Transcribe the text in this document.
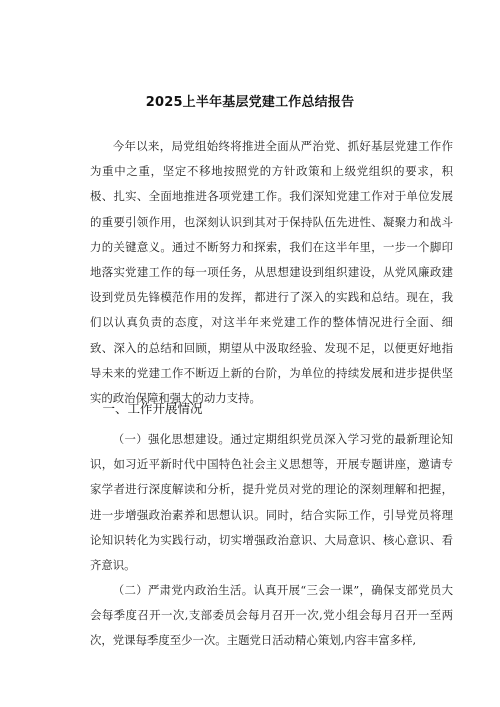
2025上半年基层党建工作总结报告
今年以来，局党组始终将推进全面从严治党、抓好基层党建工作作为重中之重，坚定不移地按照党的方针政策和上级党组织的要求，积极、扎实、全面地推进各项党建工作。我们深知党建工作对于单位发展的重要引领作用，也深刻认识到其对于保持队伍先进性、凝聚力和战斗力的关键意义。通过不断努力和探索，我们在这半年里，一步一个脚印地落实党建工作的每一项任务，从思想建设到组织建设，从党风廉政建设到党员先锋模范作用的发挥，都进行了深入的实践和总结。现在，我们以认真负责的态度，对这半年来党建工作的整体情况进行全面、细致、深入的总结和回顾，期望从中汲取经验、发现不足，以便更好地指导未来的党建工作不断迈上新的台阶，为单位的持续发展和进步提供坚实的政治保障和强大的动力支持。
一、工作开展情况
（一）强化思想建设。通过定期组织党员深入学习党的最新理论知识，如习近平新时代中国特色社会主义思想等，开展专题讲座，邀请专家学者进行深度解读和分析，提升党员对党的理论的深刻理解和把握，进一步增强政治素养和思想认识。同时，结合实际工作，引导党员将理论知识转化为实践行动，切实增强政治意识、大局意识、核心意识、看齐意识。
（二）严肃党内政治生活。认真开展“三会一课”，确保支部党员大会每季度召开一次,支部委员会每月召开一次,党小组会每月召开一至两次，党课每季度至少一次。主题党日活动精心策划,内容丰富多样,
